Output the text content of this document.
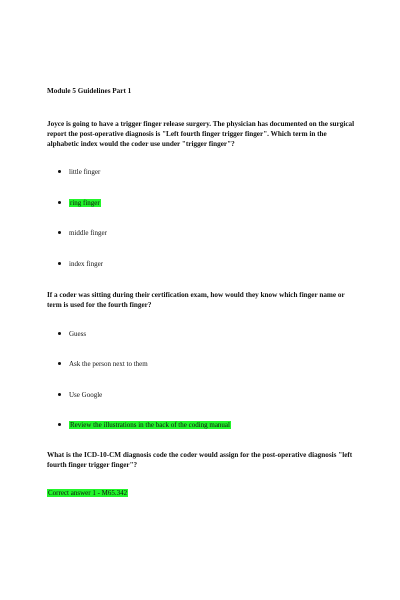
Module 5 Guidelines Part 1
Joyce is going to have a trigger finger release surgery. The physician has documented on the surgical report the post-operative diagnosis is "Left fourth finger trigger finger". Which term in the alphabetic index would the coder use under "trigger finger"?
little finger
ring finger
middle finger
index finger
If a coder was sitting during their certification exam, how would they know which finger name or term is used for the fourth finger?
Guess
Ask the person next to them
Use Google
Review the illustrations in the back of the coding manual
What is the ICD-10-CM diagnosis code the coder would assign for the post-operative diagnosis "left fourth finger trigger finger"?
Correct answer 1 - M65.342
